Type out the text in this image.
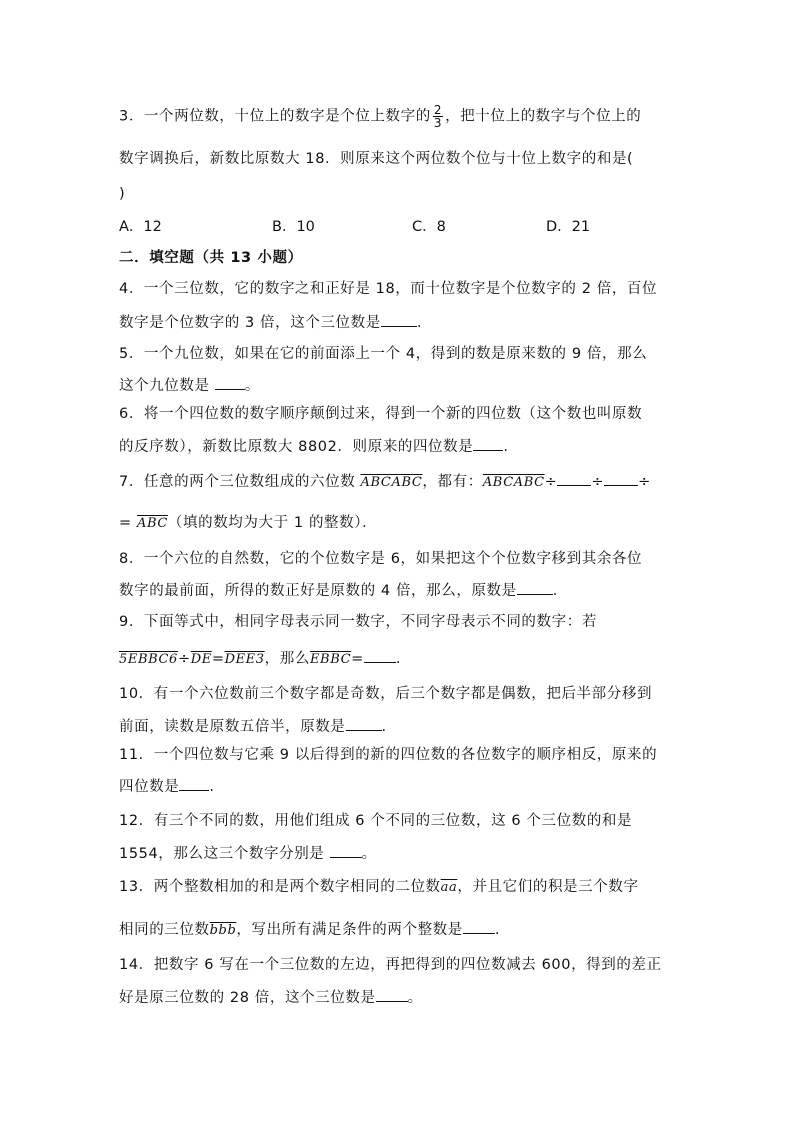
3．一个两位数，十位上的数字是个位上数字的 $\frac{2}{3}$ ，把十位上的数字与个位上的
数字调换后，新数比原数大 18．则原来这个两位数个位与十位上数字的和是(
)
A．12	B．10	C．8	D．21
二．填空题（共 13 小题）
4．一个三位数，它的数字之和正好是 18，而十位数字是个位数字的 2 倍，百位
数字是个位数字的 3 倍，这个三位数是 .
5．一个九位数，如果在它的前面添上一个 4，得到的数是原来数的 9 倍，那么
这个九位数是 。
6．将一个四位数的数字顺序颠倒过来，得到一个新的四位数（这个数也叫原数
的反序数），新数比原数大 8802．则原来的四位数是 .
7．任意的两个三位数组成的六位数 ABCABC，都有：ABCABC÷ ÷ ÷
= $\overline{ABC}$（填的数均为大于 1 的整数）．
8．一个六位的自然数，它的个位数字是 6，如果把这个个位数字移到其余各位
数字的最前面，所得的数正好是原数的 4 倍，那么，原数是 .
9．下面等式中，相同字母表示同一数字，不同字母表示不同的数字：若
$5EBBC6\div\overline{DE}=DEE3$，那么EBBC= .
10．有一个六位数前三个数字都是奇数，后三个数字都是偶数，把后半部分移到
前面，读数是原数五倍半，原数是 .
11．一个四位数与它乘 9 以后得到的新的四位数的各位数字的顺序相反，原来的
四位数是 .
12．有三个不同的数，用他们组成 6 个不同的三位数，这 6 个三位数的和是
1554，那么这三个数字分别是 。
13．两个整数相加的和是两个数字相同的二位数$\overline{aa}$，并且它们的积是三个数字
相同的三位数$\overline{bbb}$，写出所有满足条件的两个整数是 .
14．把数字 6 写在一个三位数的左边，再把得到的四位数减去 600，得到的差正
好是原三位数的 28 倍，这个三位数是 。
